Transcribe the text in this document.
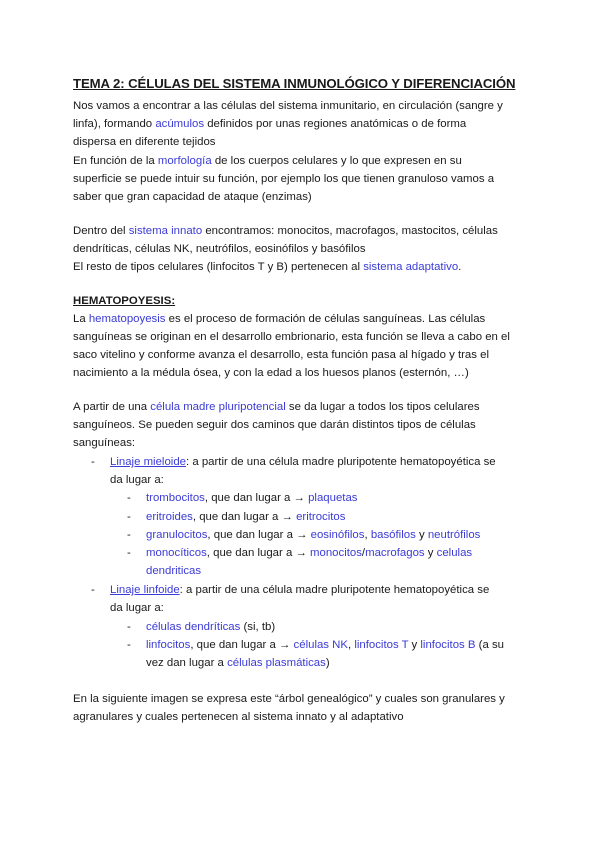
TEMA 2: CÉLULAS DEL SISTEMA INMUNOLÓGICO Y DIFERENCIACIÓN
Nos vamos a encontrar a las células del sistema inmunitario, en circulación (sangre y
linfa), formando acúmulos definidos por unas regiones anatómicas o de forma
dispersa en diferente tejidos
En función de la morfología de los cuerpos celulares y lo que expresen en su
superficie se puede intuir su función, por ejemplo los que tienen granuloso vamos a
saber que gran capacidad de ataque (enzimas)
Dentro del sistema innato encontramos: monocitos, macrofagos, mastocitos, células
dendríticas, células NK, neutrófilos, eosinófilos y basófilos
El resto de tipos celulares (linfocitos T y B) pertenecen al sistema adaptativo.
HEMATOPOYESIS:
La hematopoyesis es el proceso de formación de células sanguíneas. Las células
sanguíneas se originan en el desarrollo embrionario, esta función se lleva a cabo en el
saco vitelino y conforme avanza el desarrollo, esta función pasa al hígado y tras el
nacimiento a la médula ósea, y con la edad a los huesos planos (esternón, …)
A partir de una célula madre pluripotencial se da lugar a todos los tipos celulares
sanguíneos. Se pueden seguir dos caminos que darán distintos tipos de células
sanguíneas:
- Linaje mieloide: a partir de una célula madre pluripotente hematopoyética se
da lugar a:
- trombocitos, que dan lugar a → plaquetas
- eritroides, que dan lugar a → eritrocitos
- granulocitos, que dan lugar a → eosinófilos, basófilos y neutrófilos
- monocíticos, que dan lugar a → monocitos/macrofagos y celulas
dendriticas
- Linaje linfoide: a partir de una célula madre pluripotente hematopoyética se
da lugar a:
- células dendríticas (si, tb)
- linfocitos, que dan lugar a → células NK, linfocitos T y linfocitos B (a su
vez dan lugar a células plasmáticas)
En la siguiente imagen se expresa este “árbol genealógico” y cuales son granulares y
agranulares y cuales pertenecen al sistema innato y al adaptativo
